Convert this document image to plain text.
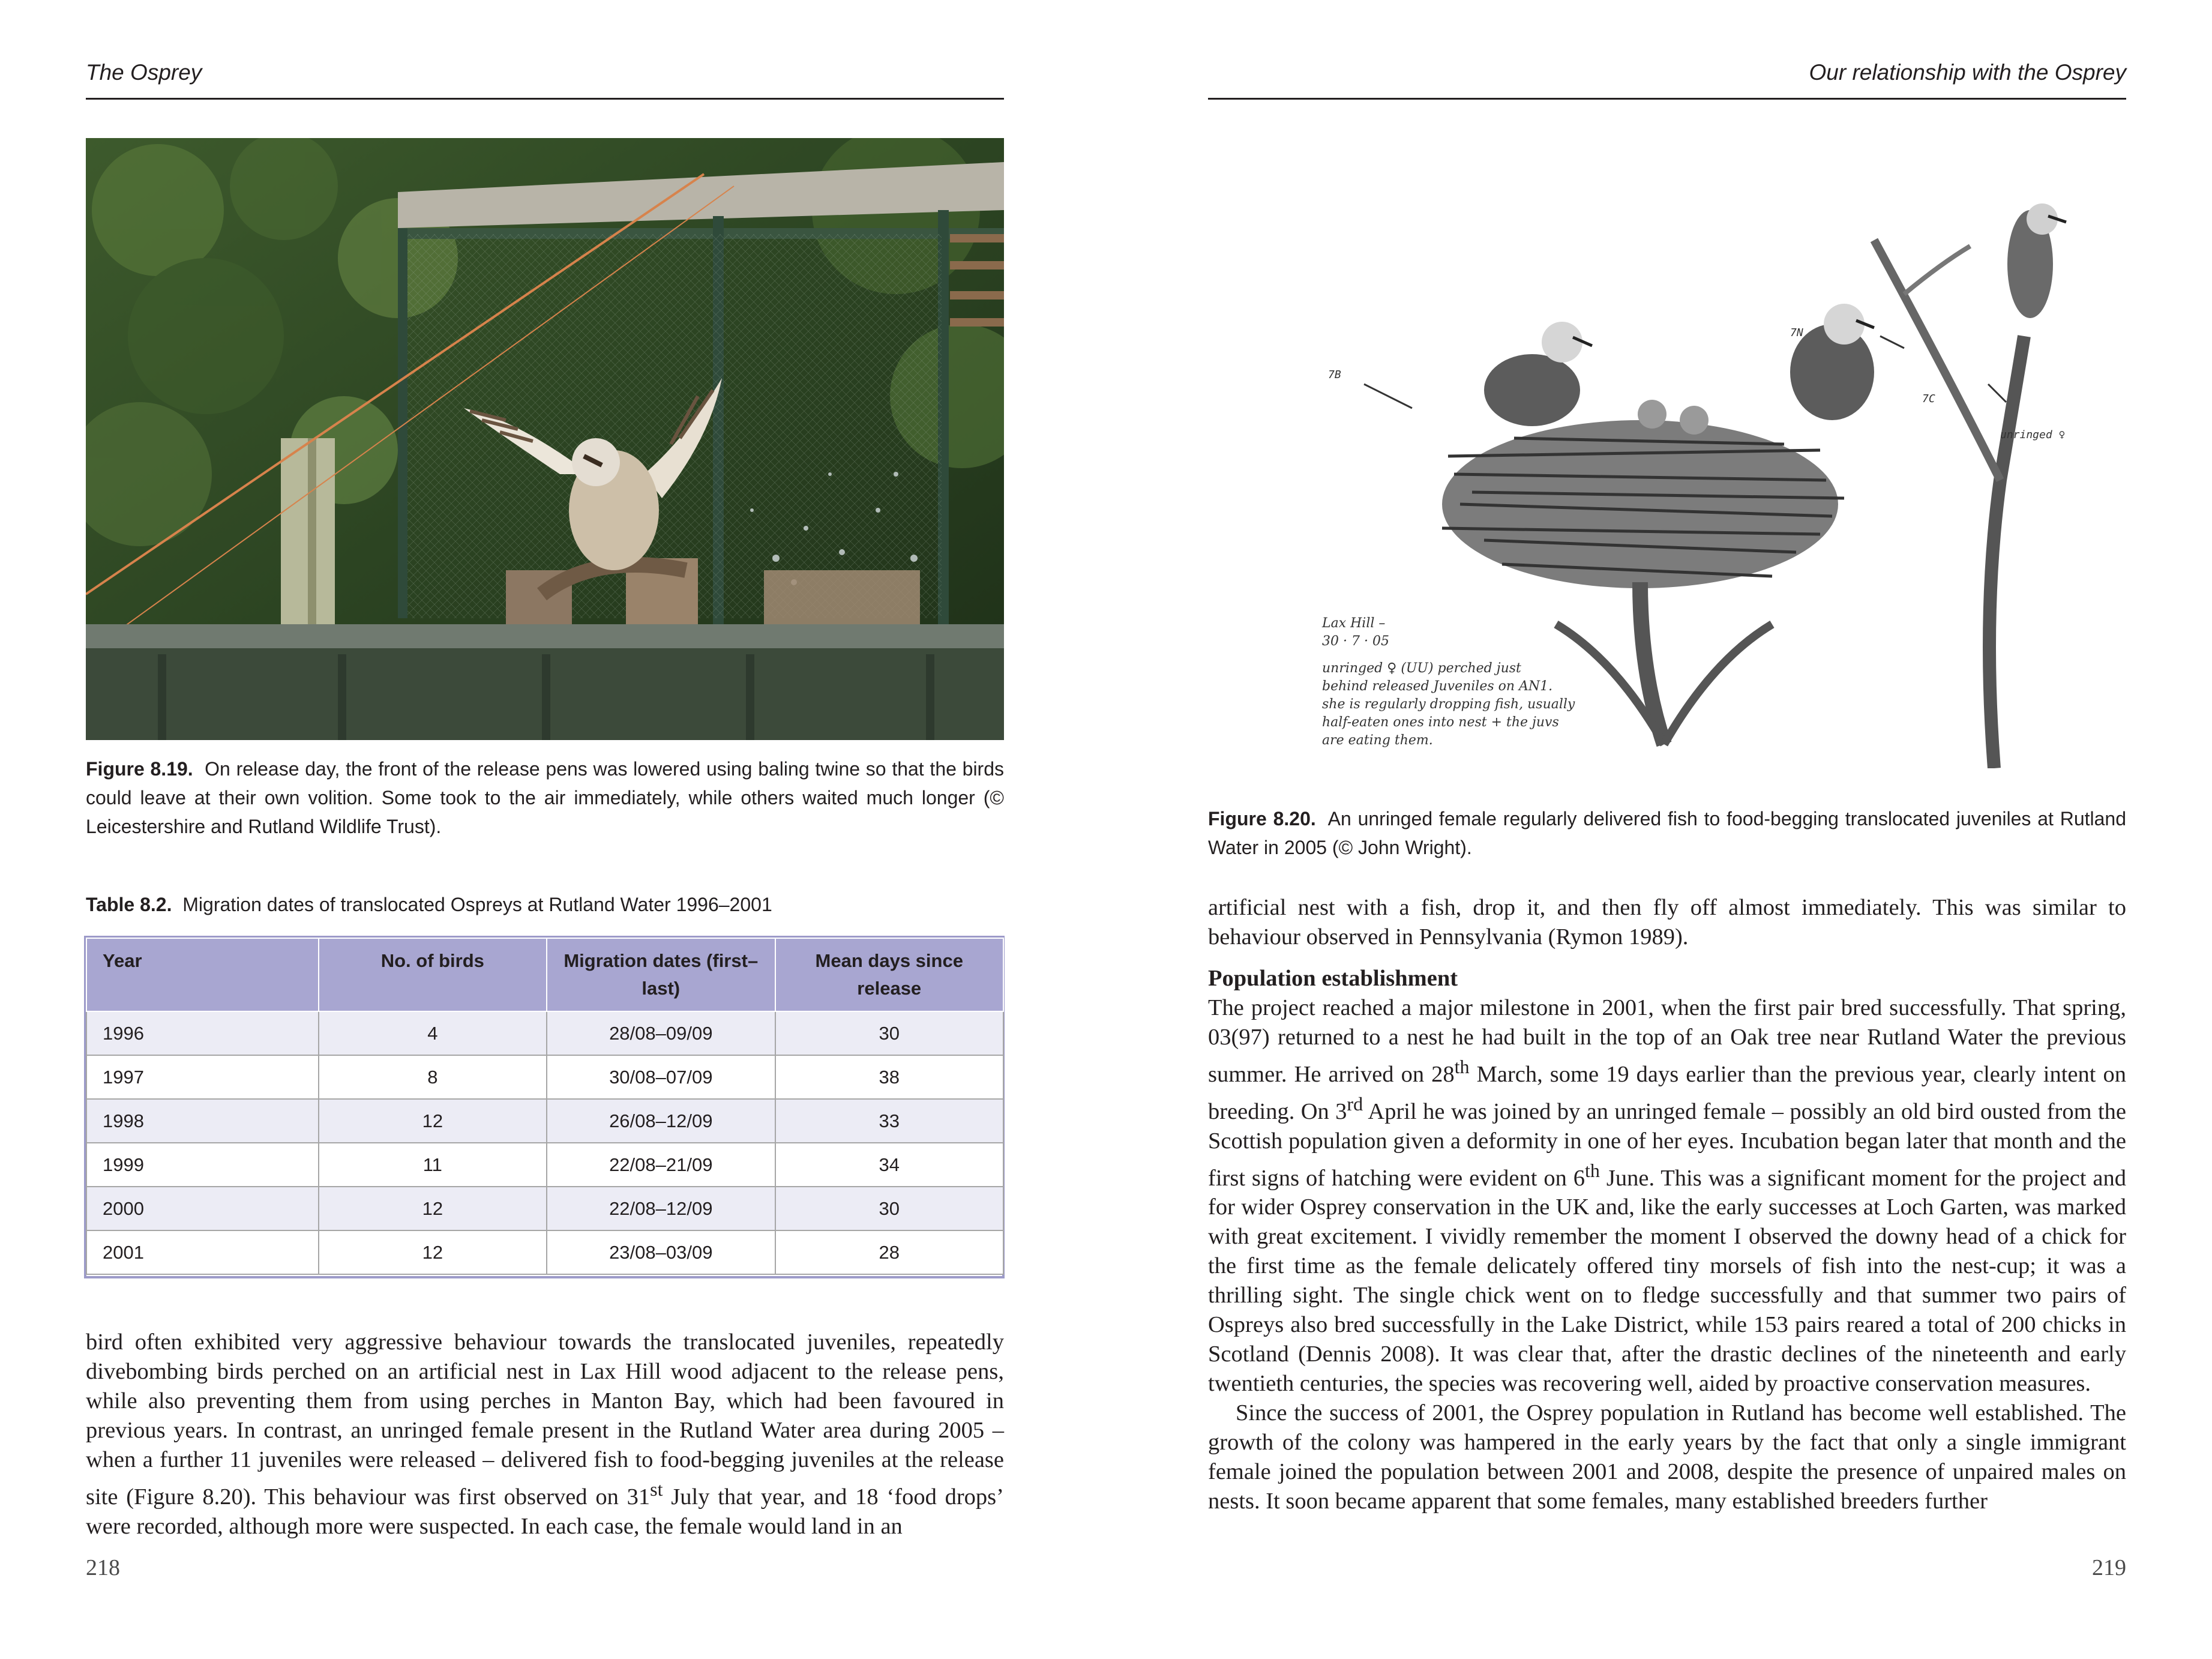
The Osprey
Figure 8.19. On release day, the front of the release pens was lowered using baling twine so that the birds could leave at their own volition. Some took to the air immediately, while others waited much longer (© Leicestershire and Rutland Wildlife Trust).
Table 8.2. Migration dates of translocated Ospreys at Rutland Water 1996–2001
Year	No. of birds	Migration dates (first–last)	Mean days since release
1996	4	28/08–09/09	30
1997	8	30/08–07/09	38
1998	12	26/08–12/09	33
1999	11	22/08–21/09	34
2000	12	22/08–12/09	30
2001	12	23/08–03/09	28

bird often exhibited very aggressive behaviour towards the translocated juveniles, repeatedly divebombing birds perched on an artificial nest in Lax Hill wood adjacent to the release pens, while also preventing them from using perches in Manton Bay, which had been favoured in previous years. In contrast, an unringed female present in the Rutland Water area during 2005 – when a further 11 juveniles were released – delivered fish to food-begging juveniles at the release site (Figure 8.20). This behaviour was first observed on 31st July that year, and 18 ‘food drops’ were recorded, although more were suspected. In each case, the female would land in an

218
Our relationship with the Osprey
7B
7N
7C
unringed ♀
Lax Hill –
30 · 7 · 05
unringed ♀ (UU) perched just
behind released Juveniles on AN1.
she is regularly dropping fish, usually
half-eaten ones into nest + the juvs
are eating them.
Figure 8.20. An unringed female regularly delivered fish to food-begging translocated juveniles at Rutland Water in 2005 (© John Wright).

artificial nest with a fish, drop it, and then fly off almost immediately. This was similar to behaviour observed in Pennsylvania (Rymon 1989).

Population establishment

The project reached a major milestone in 2001, when the first pair bred successfully. That spring, 03(97) returned to a nest he had built in the top of an Oak tree near Rutland Water the previous summer. He arrived on 28th March, some 19 days earlier than the previous year, clearly intent on breeding. On 3rd April he was joined by an unringed female – possibly an old bird ousted from the Scottish population given a deformity in one of her eyes. Incubation began later that month and the first signs of hatching were evident on 6th June. This was a significant moment for the project and for wider Osprey conservation in the UK and, like the early successes at Loch Garten, was marked with great excitement. I vividly remember the moment I observed the downy head of a chick for the first time as the female delicately offered tiny morsels of fish into the nest-cup; it was a thrilling sight. The single chick went on to fledge successfully and that summer two pairs of Ospreys also bred successfully in the Lake District, while 153 pairs reared a total of 200 chicks in Scotland (Dennis 2008). It was clear that, after the drastic declines of the nineteenth and early twentieth centuries, the species was recovering well, aided by proactive conservation measures.

Since the success of 2001, the Osprey population in Rutland has become well established. The growth of the colony was hampered in the early years by the fact that only a single immigrant female joined the population between 2001 and 2008, despite the presence of unpaired males on nests. It soon became apparent that some females, many established breeders further

219
